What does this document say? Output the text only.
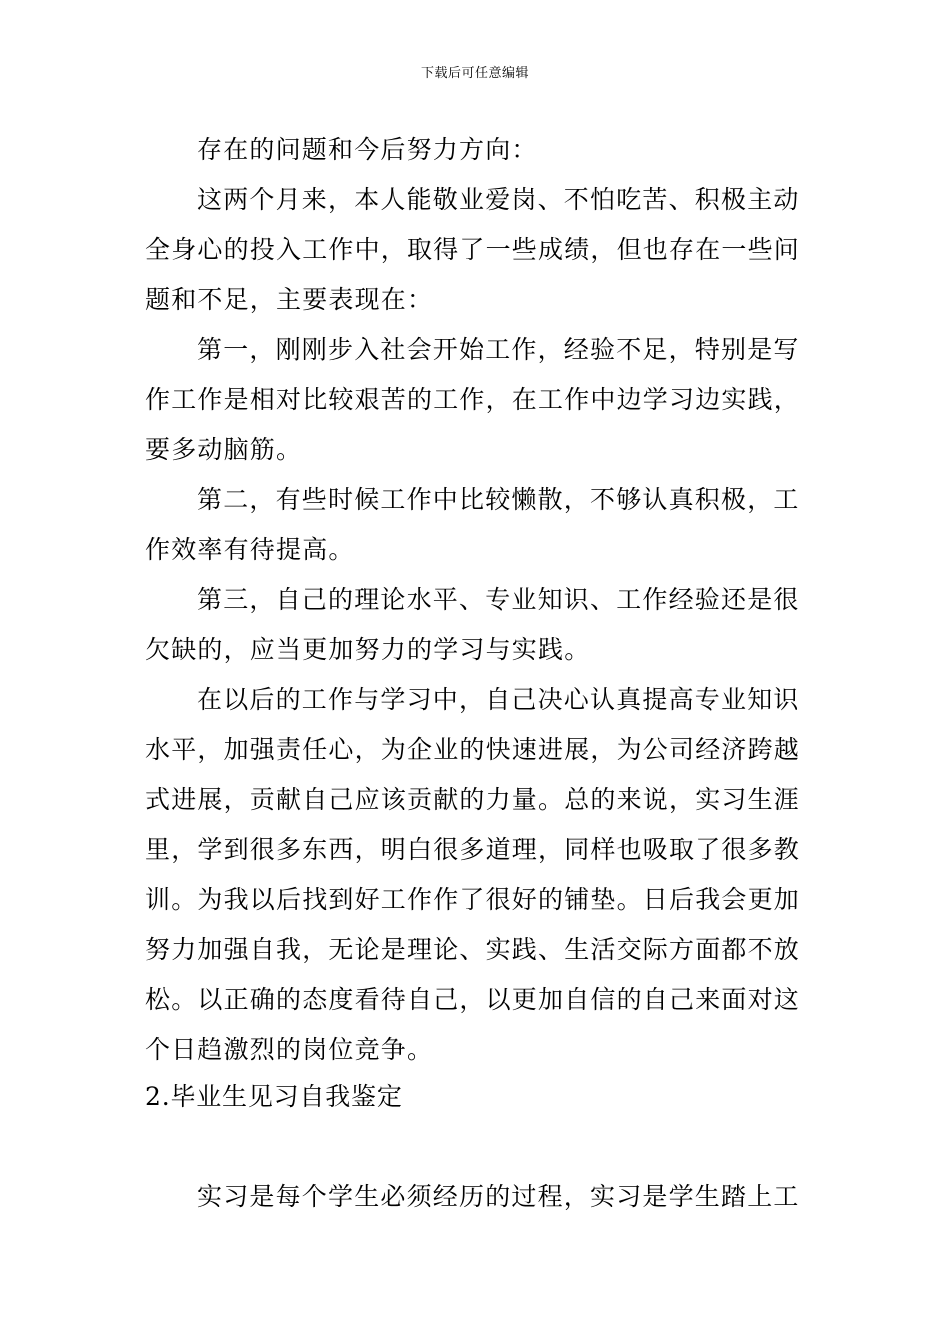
下载后可任意编辑
存在的问题和今后努力方向：
这两个月来，本人能敬业爱岗、不怕吃苦、积极主动
全身心的投入工作中，取得了一些成绩，但也存在一些问
题和不足，主要表现在：
第一，刚刚步入社会开始工作，经验不足，特别是写
作工作是相对比较艰苦的工作，在工作中边学习边实践，
要多动脑筋。
第二，有些时候工作中比较懒散，不够认真积极，工
作效率有待提高。
第三，自己的理论水平、专业知识、工作经验还是很
欠缺的，应当更加努力的学习与实践。
在以后的工作与学习中，自己决心认真提高专业知识
水平，加强责任心，为企业的快速进展，为公司经济跨越
式进展，贡献自己应该贡献的力量。总的来说，实习生涯
里，学到很多东西，明白很多道理，同样也吸取了很多教
训。为我以后找到好工作作了很好的铺垫。日后我会更加
努力加强自我，无论是理论、实践、生活交际方面都不放
松。以正确的态度看待自己，以更加自信的自己来面对这
个日趋激烈的岗位竞争。
2.毕业生见习自我鉴定
实习是每个学生必须经历的过程，实习是学生踏上工
